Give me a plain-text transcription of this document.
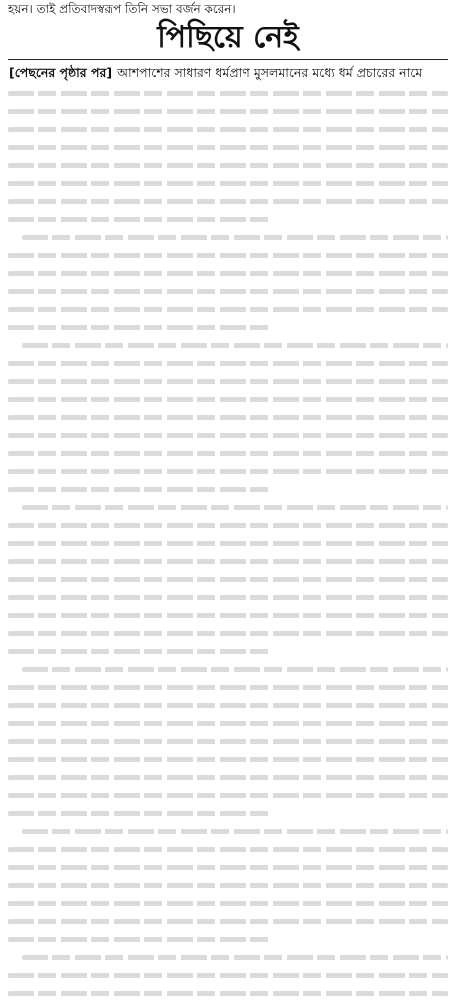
হয়ন। তাই প্রতিবাদস্বরূপ তিনি সভা বর্জন করেন।
পিছিয়ে নেই
[পেছনের পৃষ্ঠার পর] আশপাশের সাধারণ ধর্মপ্রাণ মুসলমানের মধ্যে ধর্ম প্রচারের নামে
